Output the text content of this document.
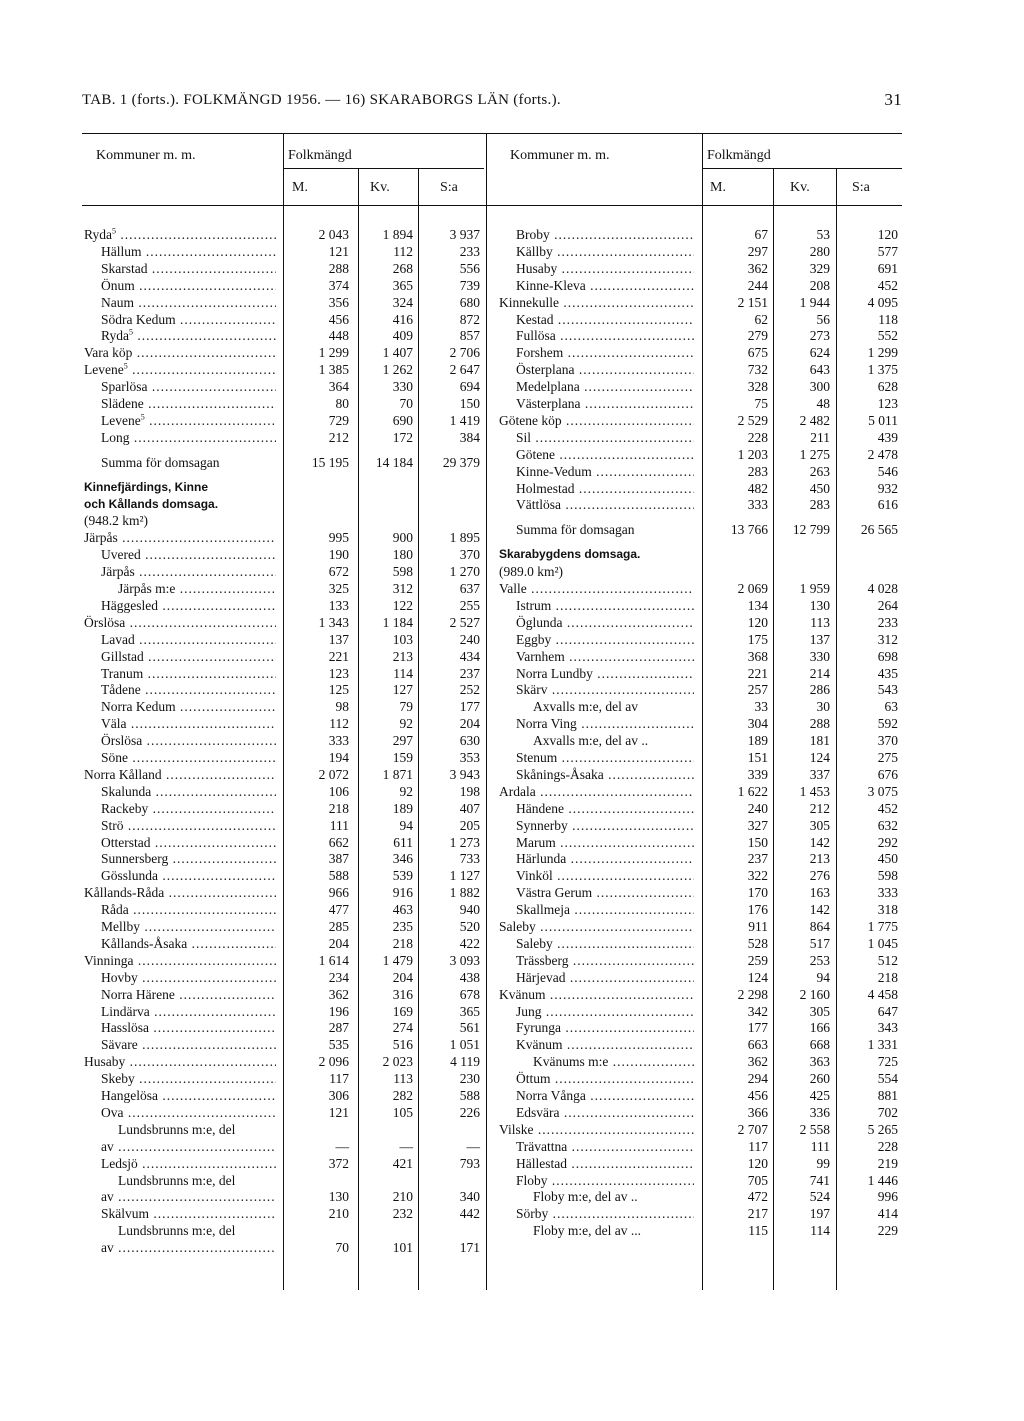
TAB. 1 (forts.). FOLKMÄNGD 1956. — 16) SKARABORGS LÄN (forts.).	31
Kommuner m. m.	Folkmängd
M.	Kv.	S:a
Kommuner m. m.	Folkmängd
M.	Kv.	S:a
Ryda$^5$ .....	2 043	1 894	3 937
Hällum .....	121	112	233
Skarstad .....	288	268	556
Önum .....	374	365	739
Naum .....	356	324	680
Södra Kedum .....	456	416	872
Ryda$^5$ .....	448	409	857
Vara köp .....	1 299	1 407	2 706
Levene$^5$ .....	1 385	1 262	2 647
Sparlösa .....	364	330	694
Slädene .....	80	70	150
Levene$^5$ .....	729	690	1 419
Long .....	212	172	384
Summa för domsagan	15 195	14 184	29 379
Kinnefjärdings, Kinne
och Kållands domsaga.
(948.2 km²)
Järpås .....	995	900	1 895
Uvered .....	190	180	370
Järpås .....	672	598	1 270
Järpås m:e .....	325	312	637
Häggesled .....	133	122	255
Örslösa .....	1 343	1 184	2 527
Lavad .....	137	103	240
Gillstad .....	221	213	434
Tranum .....	123	114	237
Tådene .....	125	127	252
Norra Kedum .....	98	79	177
Väla .....	112	92	204
Örslösa .....	333	297	630
Söne .....	194	159	353
Norra Kålland .....	2 072	1 871	3 943
Skalunda .....	106	92	198
Rackeby .....	218	189	407
Strö .....	111	94	205
Otterstad .....	662	611	1 273
Sunnersberg .....	387	346	733
Gösslunda .....	588	539	1 127
Kållands-Råda .....	966	916	1 882
Råda .....	477	463	940
Mellby .....	285	235	520
Kållands-Åsaka .....	204	218	422
Vinninga .....	1 614	1 479	3 093
Hovby .....	234	204	438
Norra Härene .....	362	316	678
Lindärva .....	196	169	365
Hasslösa .....	287	274	561
Sävare .....	535	516	1 051
Husaby .....	2 096	2 023	4 119
Skeby .....	117	113	230
Hangelösa .....	306	282	588
Ova .....	121	105	226
Lundsbrunns m:e, del
av .....	—	—	—
Ledsjö .....	372	421	793
Lundsbrunns m:e, del
av .....	130	210	340
Skälvum .....	210	232	442
Lundsbrunns m:e, del
av .....	70	101	171
Broby .....	67	53	120
Källby .....	297	280	577
Husaby .....	362	329	691
Kinne-Kleva .....	244	208	452
Kinnekulle .....	2 151	1 944	4 095
Kestad .....	62	56	118
Fullösa .....	279	273	552
Forshem .....	675	624	1 299
Österplana .....	732	643	1 375
Medelplana .....	328	300	628
Västerplana .....	75	48	123
Götene köp .....	2 529	2 482	5 011
Sil .....	228	211	439
Götene .....	1 203	1 275	2 478
Kinne-Vedum .....	283	263	546
Holmestad .....	482	450	932
Vättlösa .....	333	283	616
Summa för domsagan	13 766	12 799	26 565
Skarabygdens domsaga.
(989.0 km²)
Valle .....	2 069	1 959	4 028
Istrum .....	134	130	264
Öglunda .....	120	113	233
Eggby .....	175	137	312
Varnhem .....	368	330	698
Norra Lundby .....	221	214	435
Skärv .....	257	286	543
Axvalls m:e, del av	33	30	63
Norra Ving .....	304	288	592
Axvalls m:e, del av ..	189	181	370
Stenum .....	151	124	275
Skånings-Åsaka .....	339	337	676
Ardala .....	1 622	1 453	3 075
Händene .....	240	212	452
Synnerby .....	327	305	632
Marum .....	150	142	292
Härlunda .....	237	213	450
Vinköl .....	322	276	598
Västra Gerum .....	170	163	333
Skallmeja .....	176	142	318
Saleby .....	911	864	1 775
Saleby .....	528	517	1 045
Trässberg .....	259	253	512
Härjevad .....	124	94	218
Kvänum .....	2 298	2 160	4 458
Jung .....	342	305	647
Fyrunga .....	177	166	343
Kvänum .....	663	668	1 331
Kvänums m:e .....	362	363	725
Öttum .....	294	260	554
Norra Vånga .....	456	425	881
Edsvära .....	366	336	702
Vilske .....	2 707	2 558	5 265
Trävattna .....	117	111	228
Hällestad .....	120	99	219
Floby .....	705	741	1 446
Floby m:e, del av ..	472	524	996
Sörby .....	217	197	414
Floby m:e, del av ...	115	114	229
